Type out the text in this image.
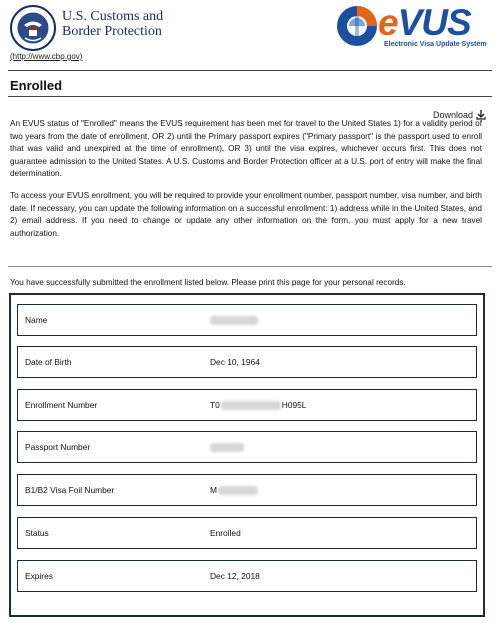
U.S. Customs and
Border Protection
(http://www.cbp.gov)
eVUS
Electronic Visa Update System
Enrolled
Download

An EVUS status of "Enrolled" means the EVUS requirement has been met for travel to the United States 1) for a validity period of two years from the date of enrollment, OR 2) until the Primary passport expires ("Primary passport" is the passport used to enroll that was valid and unexpired at the time of enrollment), OR 3) until the visa expires, whichever occurs first. This does not guarantee admission to the United States. A U.S. Customs and Border Protection officer at a U.S. port of entry will make the final determination.

To access your EVUS enrollment, you will be required to provide your enrollment number, passport number, visa number, and birth date. If necessary, you can update the following information on a successful enrollment: 1) address while in the United States, and 2) email address. If you need to change or update any other information on the form, you must apply for a new travel authorization.

You have successfully submitted the enrollment listed below. Please print this page for your personal records.
Name
Date of Birth	Dec 10, 1964
Enrollment Number	T0	H095L
Passport Number
B1/B2 Visa Foil Number	M
Status	Enrolled
Expires	Dec 12, 2018
